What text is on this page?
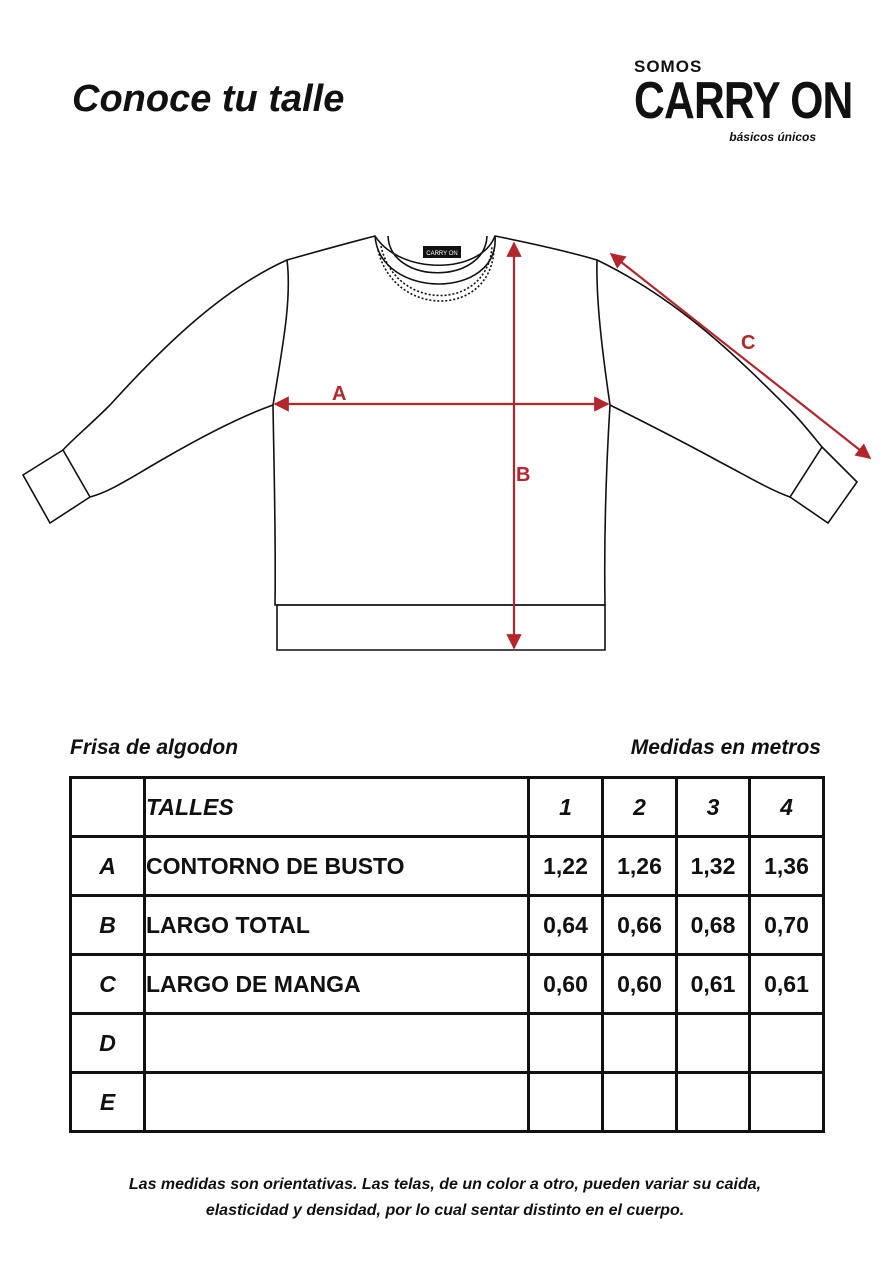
Conoce tu talle
SOMOS
CARRY ON
básicos únicos
CARRY ON
A
B
C
Frisa de algodon	Medidas en metros
	TALLES	1	2	3	4
A	CONTORNO DE BUSTO	1,22	1,26	1,32	1,36
B	LARGO TOTAL	0,64	0,66	0,68	0,70
C	LARGO DE MANGA	0,60	0,60	0,61	0,61
D					
E					
Las medidas son orientativas. Las telas, de un color a otro, pueden variar su caida,
elasticidad y densidad, por lo cual sentar distinto en el cuerpo.
